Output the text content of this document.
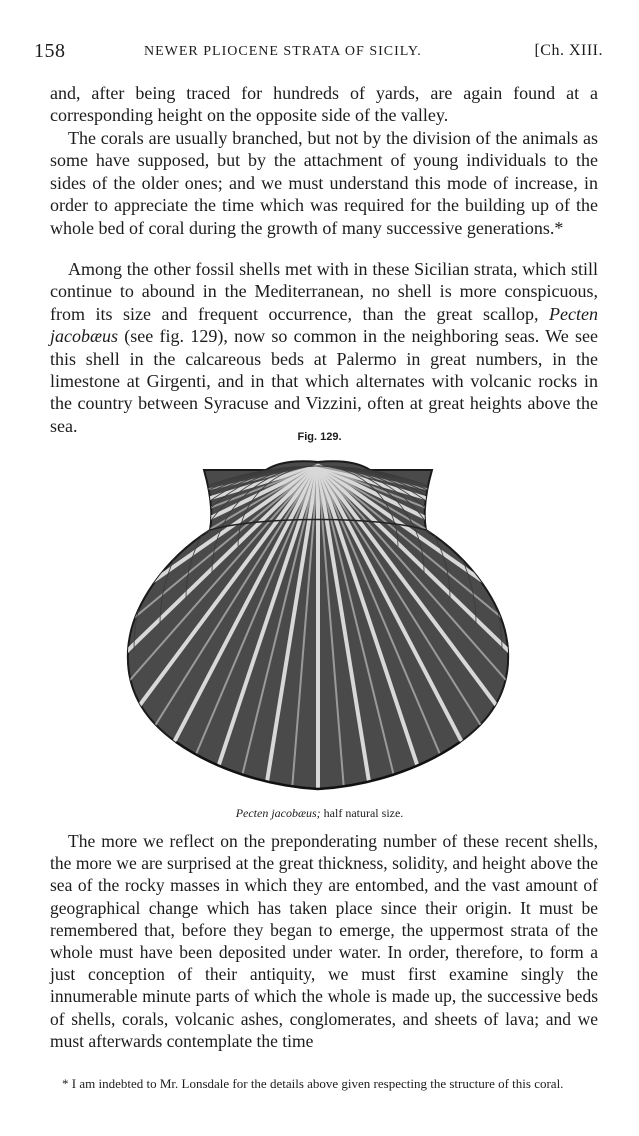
158	NEWER PLIOCENE STRATA OF SICILY.	[Ch. XIII.

and, after being traced for hundreds of yards, are again found at a corresponding height on the opposite side of the valley.

The corals are usually branched, but not by the division of the animals as some have supposed, but by the attachment of young individuals to the sides of the older ones; and we must understand this mode of increase, in order to appreciate the time which was required for the building up of the whole bed of coral during the growth of many successive generations.*

Among the other fossil shells met with in these Sicilian strata, which still continue to abound in the Mediterranean, no shell is more conspicuous, from its size and frequent occurrence, than the great scallop, Pecten jacobæus (see fig. 129), now so common in the neighboring seas. We see this shell in the calcareous beds at Palermo in great numbers, in the limestone at Girgenti, and in that which alternates with volcanic rocks in the country between Syracuse and Vizzini, often at great heights above the sea.

Fig. 129.
Pecten jacobæus; half natural size.

The more we reflect on the preponderating number of these recent shells, the more we are surprised at the great thickness, solidity, and height above the sea of the rocky masses in which they are entombed, and the vast amount of geographical change which has taken place since their origin. It must be remembered that, before they began to emerge, the uppermost strata of the whole must have been deposited under water. In order, therefore, to form a just conception of their antiquity, we must first examine singly the innumerable minute parts of which the whole is made up, the successive beds of shells, corals, volcanic ashes, conglomerates, and sheets of lava; and we must afterwards contemplate the time

* I am indebted to Mr. Lonsdale for the details above given respecting the structure of this coral.
